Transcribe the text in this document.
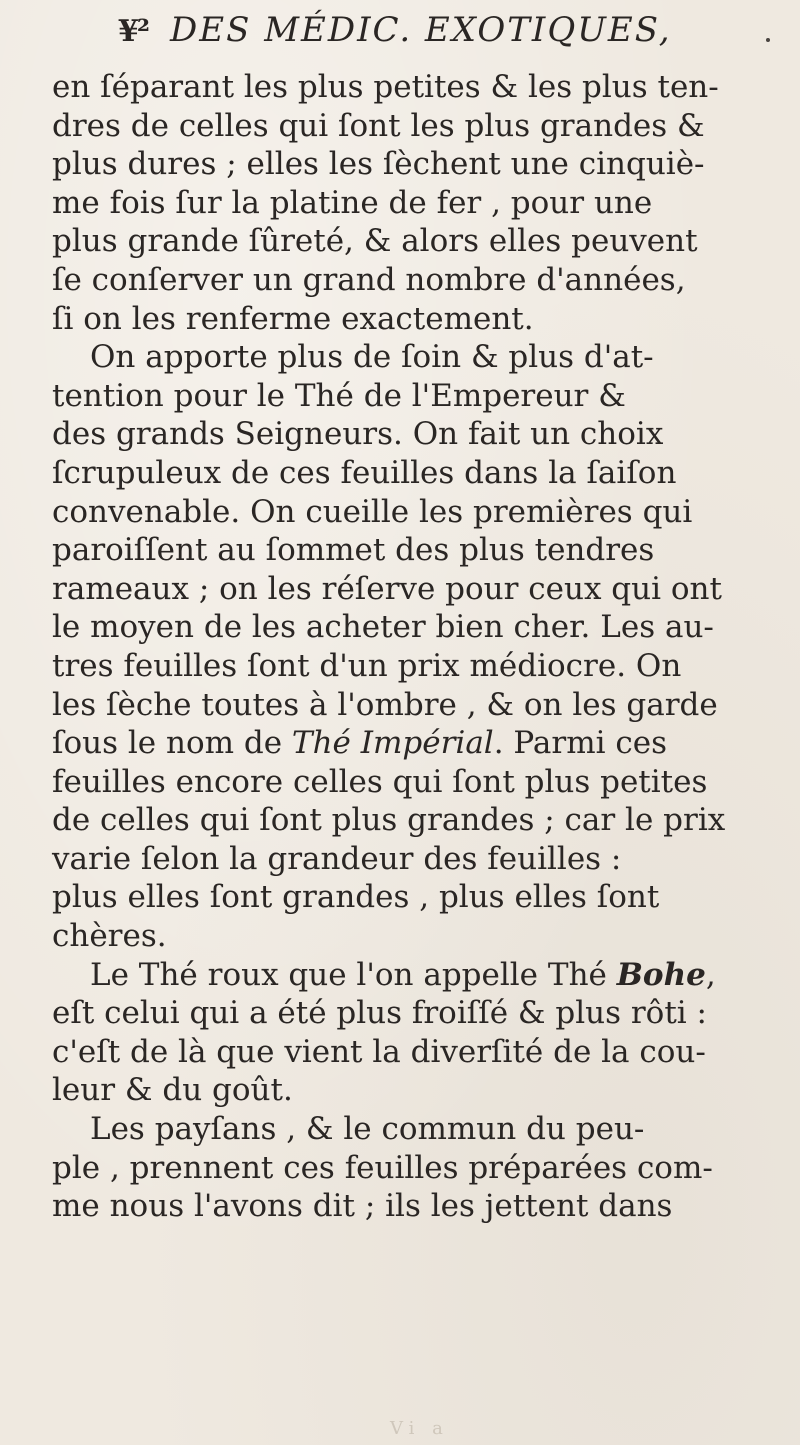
¥² DES MÉDIC. EXOTIQUES,
en ſéparant les plus petites & les plus ten-
dres de celles qui ſont les plus grandes &
plus dures ; elles les ſèchent une cinquiè-
me fois ſur la platine de fer , pour une
plus grande ſûreté, & alors elles peuvent
ſe conſerver un grand nombre d'années,
ſi on les renferme exactement.
On apporte plus de ſoin & plus d'at-
tention pour le Thé de l'Empereur &
des grands Seigneurs. On fait un choix
ſcrupuleux de ces feuilles dans la ſaiſon
convenable. On cueille les premières qui
paroiſſent au ſommet des plus tendres
rameaux ; on les réſerve pour ceux qui ont
le moyen de les acheter bien cher. Les au-
tres feuilles ſont d'un prix médiocre. On
les ſèche toutes à l'ombre , & on les garde
ſous le nom de Thé Impérial. Parmi ces
feuilles encore celles qui ſont plus petites
de celles qui ſont plus grandes ; car le prix
varie ſelon la grandeur des feuilles :
plus elles ſont grandes , plus elles ſont
chères.
Le Thé roux que l'on appelle Thé Bohe,
eſt celui qui a été plus froiſſé & plus rôti :
c'eſt de là que vient la diverſité de la cou-
leur & du goût.
Les payſans , & le commun du peu-
ple , prennent ces feuilles préparées com-
me nous l'avons dit ; ils les jettent dans
Vi a
